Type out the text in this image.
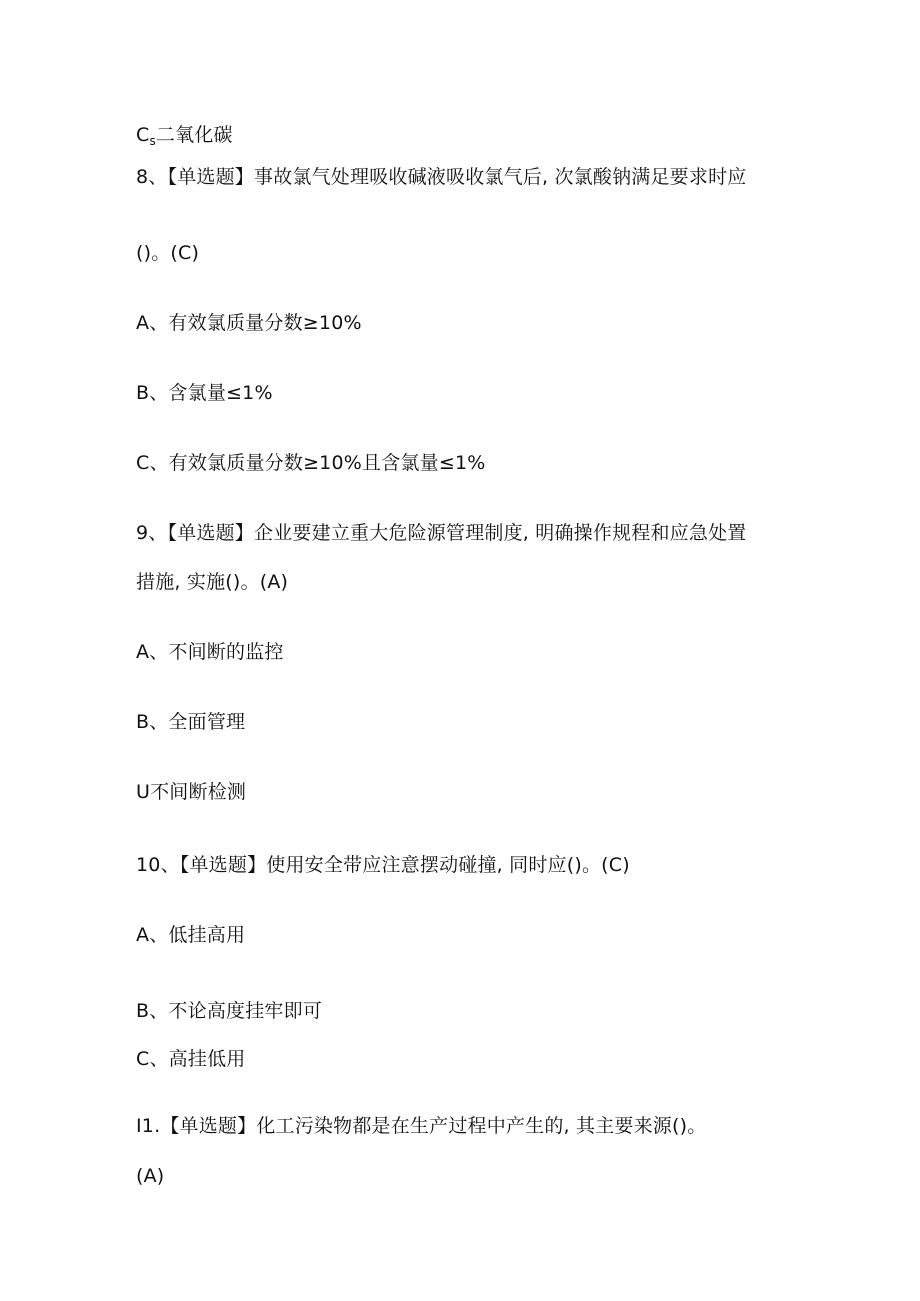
$C_s$二氧化碳
8、【单选题】事故氯气处理吸收碱液吸收氯气后, 次氯酸钠满足要求时应
()。(C)
A、有效氯质量分数≥10%
B、含氯量≤1%
C、有效氯质量分数≥10%且含氯量≤1%
9、【单选题】企业要建立重大危险源管理制度, 明确操作规程和应急处置
措施, 实施()。(A)
A、不间断的监控
B、全面管理
U不间断检测
10、【单选题】使用安全带应注意摆动碰撞, 同时应()。(C)
A、低挂高用
B、不论高度挂牢即可
C、高挂低用
I1.【单选题】化工污染物都是在生产过程中产生的, 其主要来源()。
(A)
